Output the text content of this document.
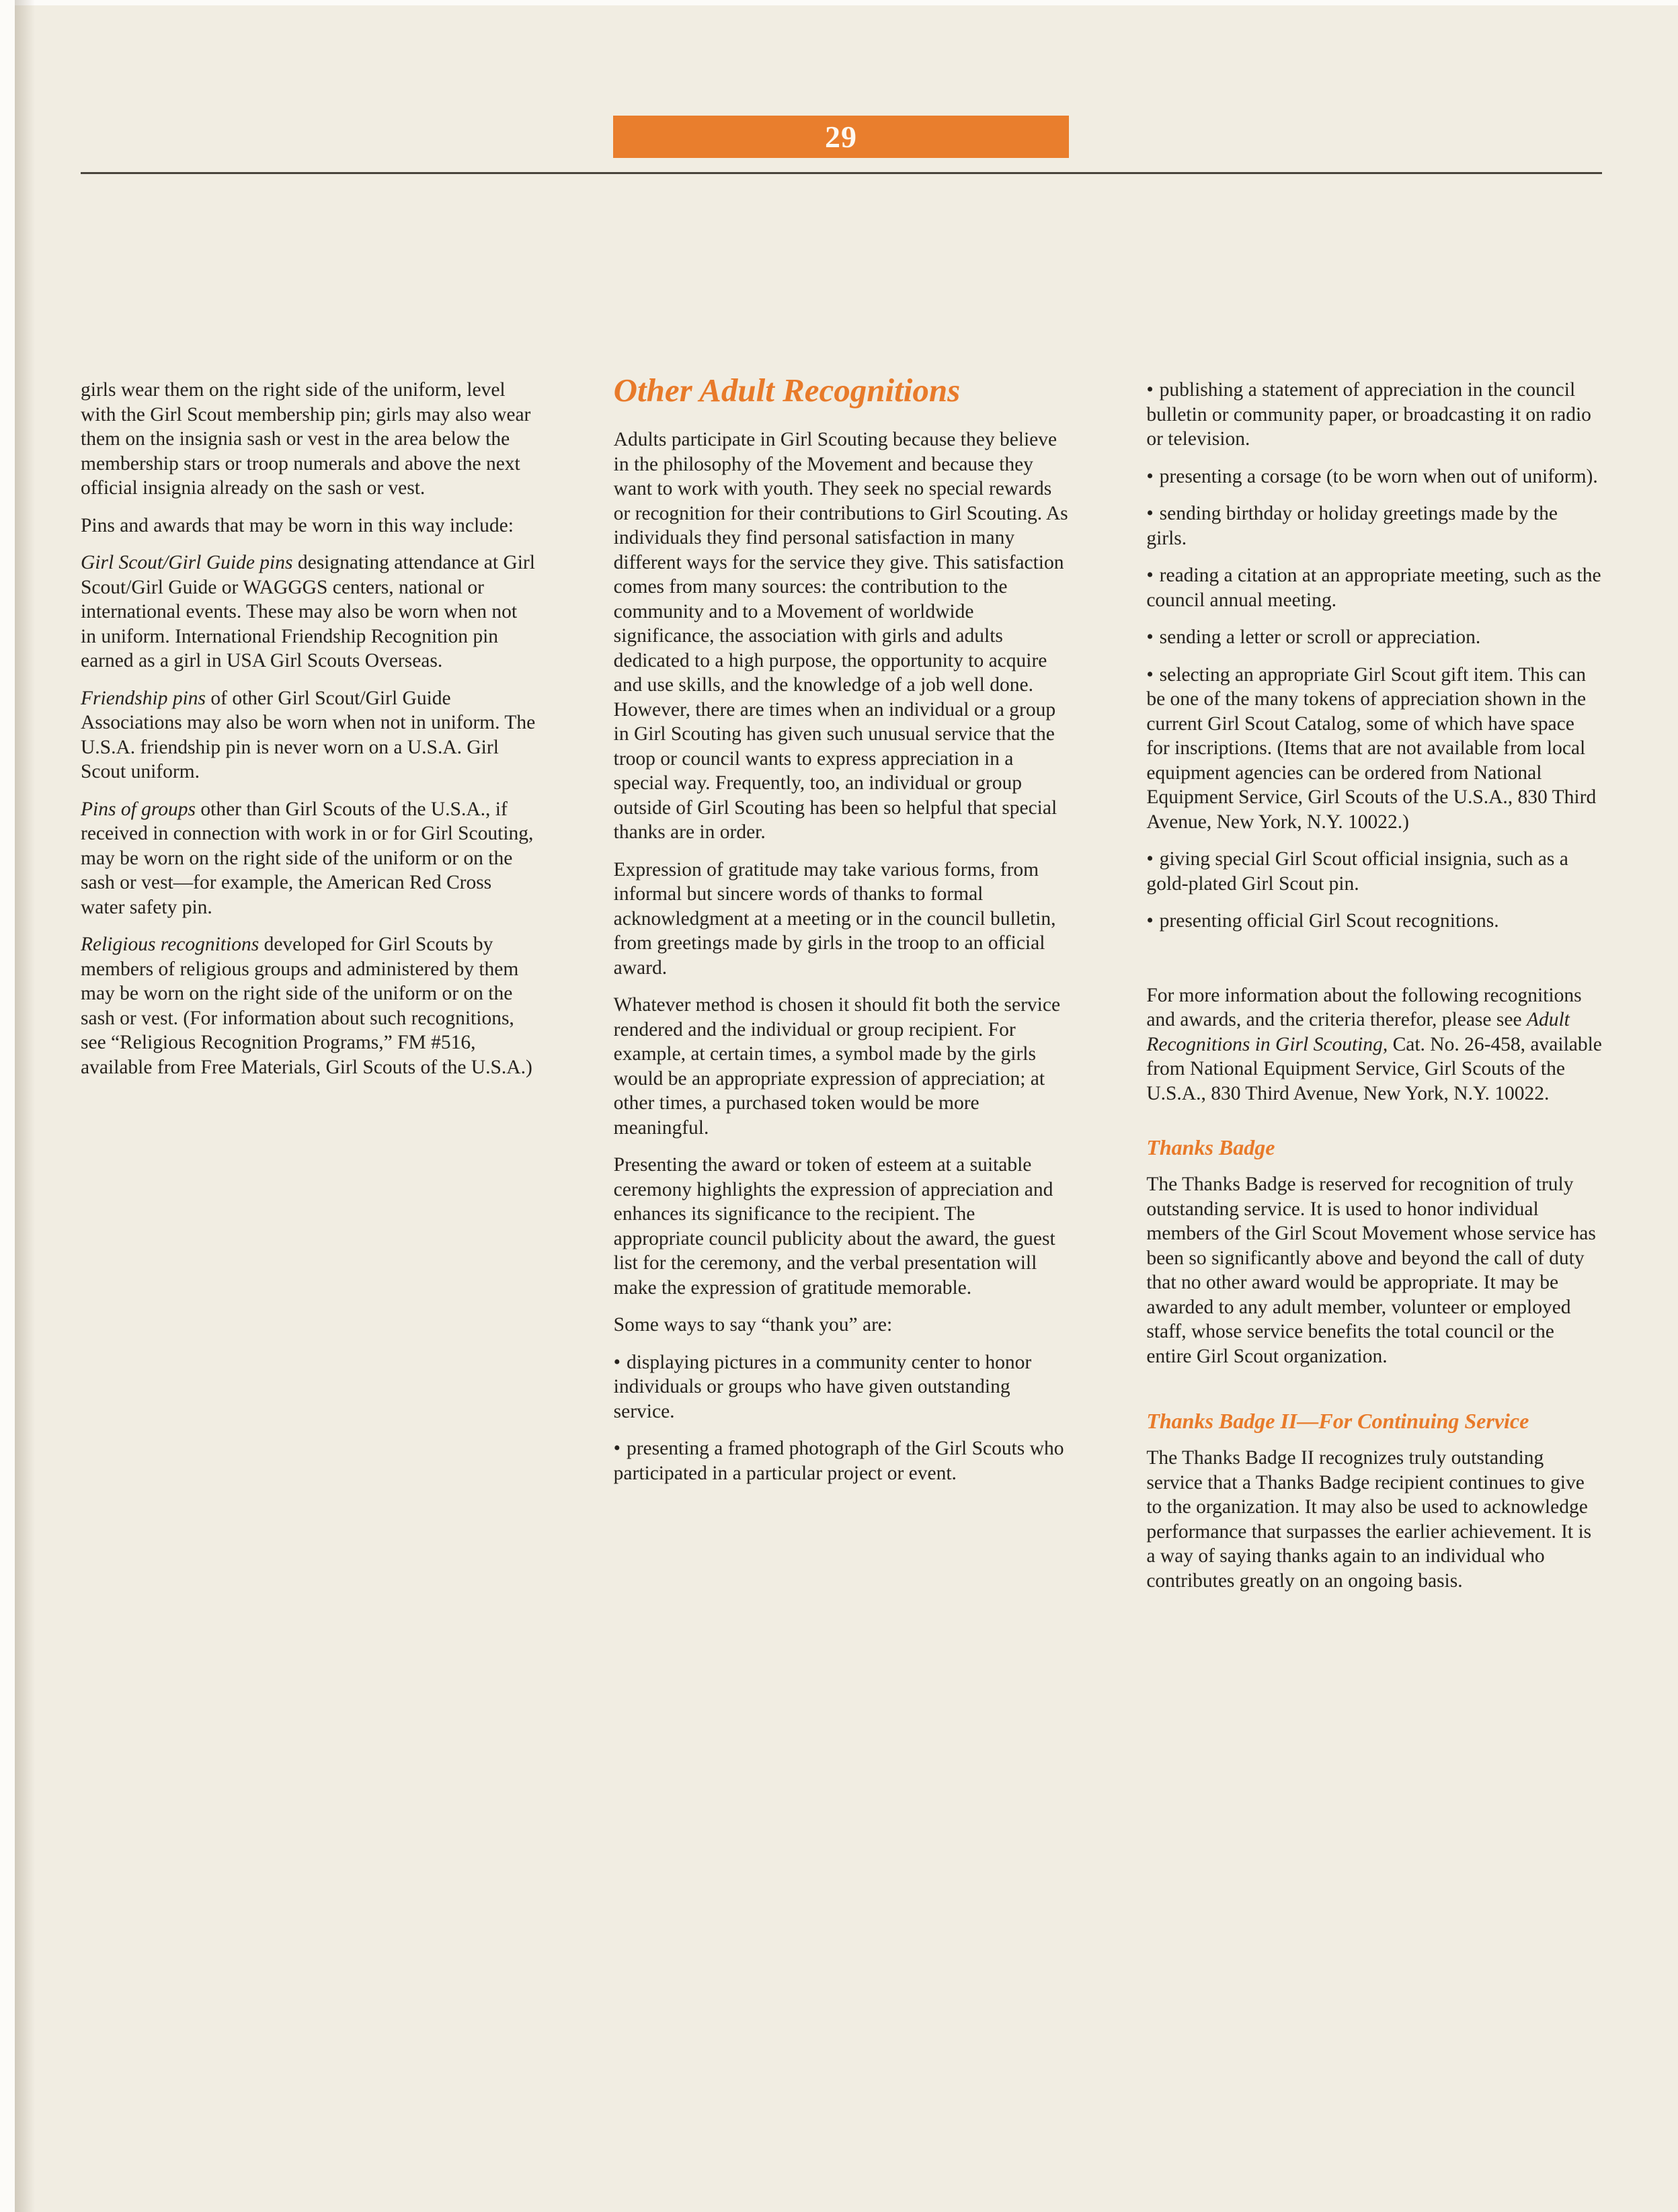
29

girls wear them on the right side of the uniform, level with the Girl Scout membership pin; girls may also wear them on the insignia sash or vest in the area below the membership stars or troop numerals and above the next official insignia already on the sash or vest.

Pins and awards that may be worn in this way include:

Girl Scout/Girl Guide pins designating attendance at Girl Scout/Girl Guide or WAGGGS centers, national or international events. These may also be worn when not in uniform. International Friendship Recognition pin earned as a girl in USA Girl Scouts Overseas.

Friendship pins of other Girl Scout/Girl Guide Associations may also be worn when not in uniform. The U.S.A. friendship pin is never worn on a U.S.A. Girl Scout uniform.

Pins of groups other than Girl Scouts of the U.S.A., if received in connection with work in or for Girl Scouting, may be worn on the right side of the uniform or on the sash or vest—for example, the American Red Cross water safety pin.

Religious recognitions developed for Girl Scouts by members of religious groups and administered by them may be worn on the right side of the uniform or on the sash or vest. (For information about such recognitions, see “Religious Recognition Programs,” FM #516, available from Free Materials, Girl Scouts of the U.S.A.)

Other Adult Recognitions

Adults participate in Girl Scouting because they believe in the philosophy of the Movement and because they want to work with youth. They seek no special rewards or recognition for their contributions to Girl Scouting. As individuals they find personal satisfaction in many different ways for the service they give. This satisfaction comes from many sources: the contribution to the community and to a Movement of worldwide significance, the association with girls and adults dedicated to a high purpose, the opportunity to acquire and use skills, and the knowledge of a job well done. However, there are times when an individual or a group in Girl Scouting has given such unusual service that the troop or council wants to express appreciation in a special way. Frequently, too, an individual or group outside of Girl Scouting has been so helpful that special thanks are in order.

Expression of gratitude may take various forms, from informal but sincere words of thanks to formal acknowledgment at a meeting or in the council bulletin, from greetings made by girls in the troop to an official award.

Whatever method is chosen it should fit both the service rendered and the individual or group recipient. For example, at certain times, a symbol made by the girls would be an appropriate expression of appreciation; at other times, a purchased token would be more meaningful.

Presenting the award or token of esteem at a suitable ceremony highlights the expression of appreciation and enhances its significance to the recipient. The appropriate council publicity about the award, the guest list for the ceremony, and the verbal presentation will make the expression of gratitude memorable.

Some ways to say “thank you” are:

• displaying pictures in a community center to honor individuals or groups who have given outstanding service.

• presenting a framed photograph of the Girl Scouts who participated in a particular project or event.

• publishing a statement of appreciation in the council bulletin or community paper, or broadcasting it on radio or television.

• presenting a corsage (to be worn when out of uniform).

• sending birthday or holiday greetings made by the girls.

• reading a citation at an appropriate meeting, such as the council annual meeting.

• sending a letter or scroll or appreciation.

• selecting an appropriate Girl Scout gift item. This can be one of the many tokens of appreciation shown in the current Girl Scout Catalog, some of which have space for inscriptions. (Items that are not available from local equipment agencies can be ordered from National Equipment Service, Girl Scouts of the U.S.A., 830 Third Avenue, New York, N.Y. 10022.)

• giving special Girl Scout official insignia, such as a gold-plated Girl Scout pin.

• presenting official Girl Scout recognitions.

For more information about the following recognitions and awards, and the criteria therefor, please see Adult Recognitions in Girl Scouting, Cat. No. 26-458, available from National Equipment Service, Girl Scouts of the U.S.A., 830 Third Avenue, New York, N.Y. 10022.

Thanks Badge

The Thanks Badge is reserved for recognition of truly outstanding service. It is used to honor individual members of the Girl Scout Movement whose service has been so significantly above and beyond the call of duty that no other award would be appropriate. It may be awarded to any adult member, volunteer or employed staff, whose service benefits the total council or the entire Girl Scout organization.

Thanks Badge II—For Continuing Service

The Thanks Badge II recognizes truly outstanding service that a Thanks Badge recipient continues to give to the organization. It may also be used to acknowledge performance that surpasses the earlier achievement. It is a way of saying thanks again to an individual who contributes greatly on an ongoing basis.
